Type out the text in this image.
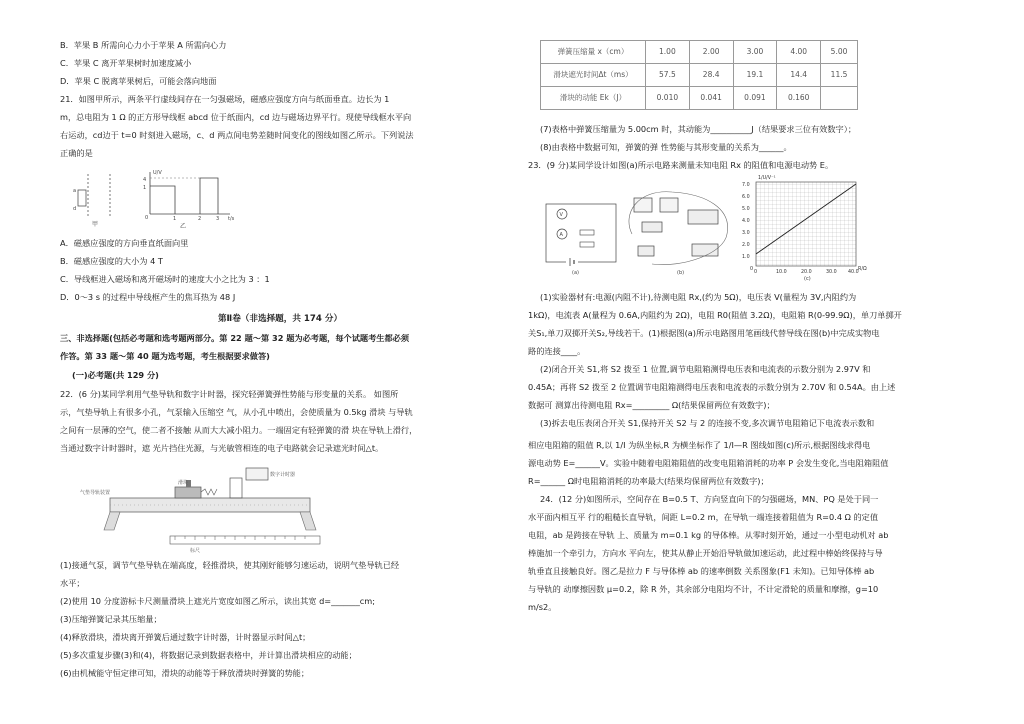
B．苹果 B 所需向心力小于苹果 A 所需向心力

C．苹果 C 离开苹果树时加速度减小

D．苹果 C 脱离苹果树后，可能会落向地面

21．如图甲所示，两条平行虚线间存在一匀强磁场，磁感应强度方向与纸面垂直。边长为 1

m，总电阻为 1 Ω 的正方形导线框 abcd 位于纸面内，cd 边与磁场边界平行。现使导线框水平向

右运动，cd边于 t=0 时刻进入磁场，c、d 两点间电势差随时间变化的图线如图乙所示。下列说法

正确的是

a
d
甲
4
1
0	1	2	3 t/s
U/V
乙

A．磁感应强度的方向垂直纸面向里

B．磁感应强度的大小为 4 T

C．导线框进入磁场和离开磁场时的速度大小之比为 3 ：1

D．0～3 s 的过程中导线框产生的焦耳热为 48 J

第Ⅱ卷（非选择题，共 174 分）

三、非选择题(包括必考题和选考题两部分。第 22 题～第 32 题为必考题，每个试题考生都必须

作答。第 33 题～第 40 题为选考题，考生根据要求做答)

(一)必考题(共 129 分)

22．(6 分)某同学利用气垫导轨和数字计时器，探究轻弹簧弹性势能与形变量的关系。 如图所

示，气垫导轨上有很多小孔，气泵输入压缩空 气，从小孔中喷出，会使质量为 0.5kg 滑块 与导轨

之间有一层薄的空气，使二者不接触 从而大大减小阻力。一端固定有轻弹簧的滑 块在导轨上滑行，

当通过数字计时器时，遮 光片挡住光源，与光敏管相连的电子电路就会记录遮光时间△t。

数字计时器
气垫导轨装置
滑块
标尺

(1)接通气泵，调节气垫导轨在端高度，轻推滑块，使其刚好能够匀速运动，说明气垫导轨已经

水平；

(2)使用 10 分度游标卡尺测量滑块上遮光片宽度如图乙所示，读出其宽 d=_______cm;

(3)压缩弹簧记录其压缩量；

(4)释放滑块，滑块离开弹簧后通过数字计时器，计时器显示时间△t；

(5)多次重复步骤(3)和(4)，将数据记录到数据表格中，并计算出滑块相应的动能；

(6)由机械能守恒定律可知，滑块的动能等于释放滑块时弹簧的势能；

弹簧压缩量 x（cm）	1.00	2.00	3.00	4.00	5.00
滑块遮光时间Δt（ms）	57.5	28.4	19.1	14.4	11.5
滑块的动能 Ek（J）	0.010	0.041	0.091	0.160	

(7)表格中弹簧压缩量为 5.00cm 时，其动能为__________J（结果要求三位有效数字）；

(8)由表格中数据可知，弹簧的弹 性势能与其形变量的关系为______。

23．(9 分)某同学设计如图(a)所示电路来测量未知电阻 Rx 的阻值和电源电动势 E。

V
A
(a)	(b)
7.0
6.0
5.0
4.0
3.0
2.0
1.0
0
0	10.0	20.0	30.0 40.0
1/U/V⁻¹
R/Ω
(c)

(1)实验器材有:电源(内阻不计),待测电阻 Rx,(约为 5Ω)，电压表 V(量程为 3V,内阻约为

1kΩ)，电流表 A(量程为 0.6A,内阻约为 2Ω)，电阻 R0(阻值 3.2Ω)，电阻箱 R(0-99.9Ω)，单刀单掷开

关S₁,单刀双掷开关S₂,导线若干。(1)根据图(a)所示电路图用笔画线代替导线在图(b)中完成实物电

路的连接____。

(2)闭合开关 S1,将 S2 拨至 1 位置,调节电阻箱测得电压表和电流表的示数分别为 2.97V 和

0.45A；再将 S2 拨至 2 位置调节电阻箱测得电压表和电流表的示数分别为 2.70V 和 0.54A。由上述

数据可 测算出待测电阻 Rx=_________ Ω(结果保留两位有效数字)；

(3)拆去电压表闭合开关 S1,保持开关 S2 与 2 的连接不变,多次调节电阻箱记下电流表示数和

相应电阻箱的阻值 R,以 1/I 为纵坐标,R 为横坐标作了 1/I—R 图线如图(c)所示,根据图线求得电

源电动势 E=______V。实验中随着电阻箱阻值的改变电阻箱消耗的功率 P 会发生变化,当电阻箱阻值

R=______ Ω时电阻箱消耗的功率最大(结果均保留两位有效数字)；

24．(12 分)如图所示，空间存在 B=0.5 T、方向竖直向下的匀强磁场，MN、PQ 是处于同一

水平面内相互平 行的粗糙长直导轨，间距 L=0.2 m，在导轨一端连接着阻值为 R=0.4 Ω 的定值

电阻，ab 是跨接在导轨 上、质量为 m=0.1 kg 的导体棒。从零时刻开始，通过一小型电动机对 ab

棒施加一个牵引力，方向水 平向左，使其从静止开始沿导轨做加速运动，此过程中棒始终保持与导

轨垂直且接触良好。图乙是拉力 F 与导体棒 ab 的速率倒数 关系图象(F1 未知)。已知导体棒 ab

与导轨的 动摩擦因数 μ=0.2，除 R 外，其余部分电阻均不计，不计定滑轮的质量和摩擦，g=10

m/s2。
